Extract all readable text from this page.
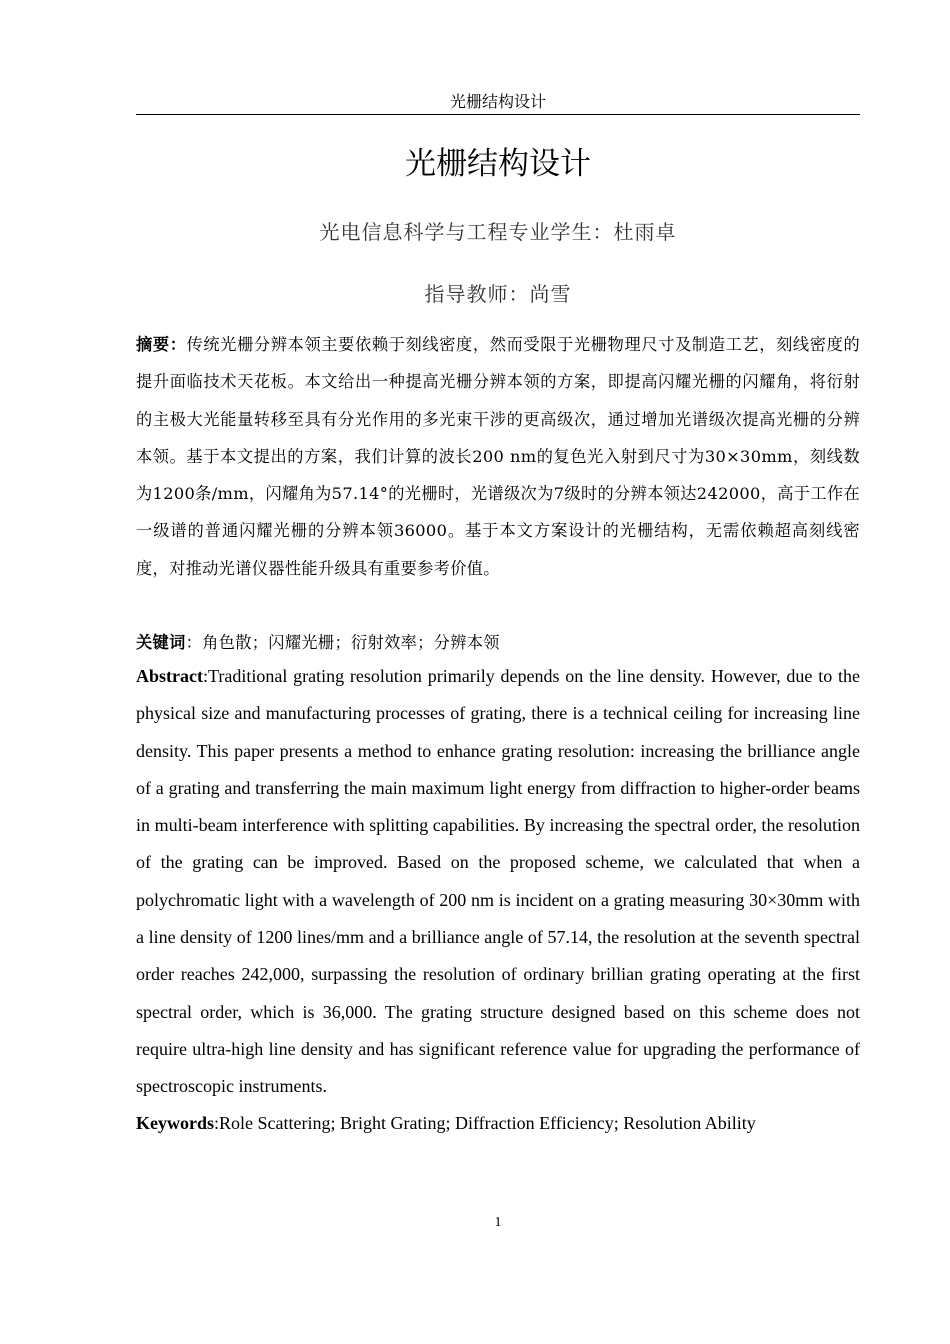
光栅结构设计
光栅结构设计
光电信息科学与工程专业学生：杜雨卓
指导教师：尚雪
摘要：传统光栅分辨本领主要依赖于刻线密度，然而受限于光栅物理尺寸及制造工艺，刻线密度的提升面临技术天花板。本文给出一种提高光栅分辨本领的方案，即提高闪耀光栅的闪耀角，将衍射的主极大光能量转移至具有分光作用的多光束干涉的更高级次，通过增加光谱级次提高光栅的分辨本领。基于本文提出的方案，我们计算的波长200 nm的复色光入射到尺寸为30×30mm，刻线数为1200条/mm，闪耀角为57.14°的光栅时，光谱级次为7级时的分辨本领达242000，高于工作在一级谱的普通闪耀光栅的分辨本领36000。基于本文方案设计的光栅结构，无需依赖超高刻线密度，对推动光谱仪器性能升级具有重要参考价值。
关键词：角色散；闪耀光栅；衍射效率；分辨本领
Abstract:Traditional grating resolution primarily depends on the line density. However, due to the physical size and manufacturing processes of grating, there is a technical ceiling for increasing line density. This paper presents a method to enhance grating resolution: increasing the brilliance angle of a grating and transferring the main maximum light energy from diffraction to higher-order beams in multi-beam interference with splitting capabilities. By increasing the spectral order, the resolution of the grating can be improved. Based on the proposed scheme, we calculated that when a polychromatic light with a wavelength of 200 nm is incident on a grating measuring 30×30mm with a line density of 1200 lines/mm and a brilliance angle of 57.14, the resolution at the seventh spectral order reaches 242,000, surpassing the resolution of ordinary brillian grating operating at the first spectral order, which is 36,000. The grating structure designed based on this scheme does not require ultra-high line density and has significant reference value for upgrading the performance of spectroscopic instruments.
Keywords:Role Scattering; Bright Grating; Diffraction Efficiency; Resolution Ability
1
